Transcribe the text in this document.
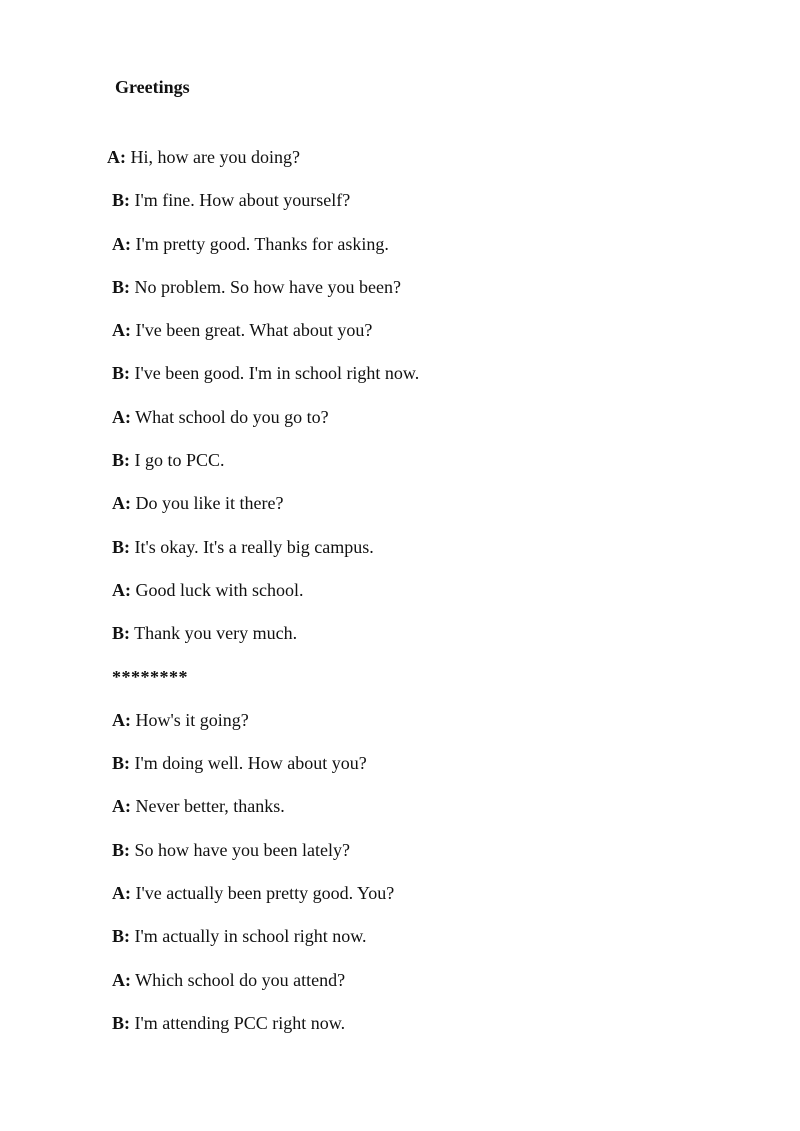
Greetings
A: Hi, how are you doing?
B: I'm fine. How about yourself?
A: I'm pretty good. Thanks for asking.
B: No problem. So how have you been?
A: I've been great. What about you?
B: I've been good. I'm in school right now.
A: What school do you go to?
B: I go to PCC.
A: Do you like it there?
B: It's okay. It's a really big campus.
A: Good luck with school.
B: Thank you very much.
********
A: How's it going?
B: I'm doing well. How about you?
A: Never better, thanks.
B: So how have you been lately?
A: I've actually been pretty good. You?
B: I'm actually in school right now.
A: Which school do you attend?
B: I'm attending PCC right now.
